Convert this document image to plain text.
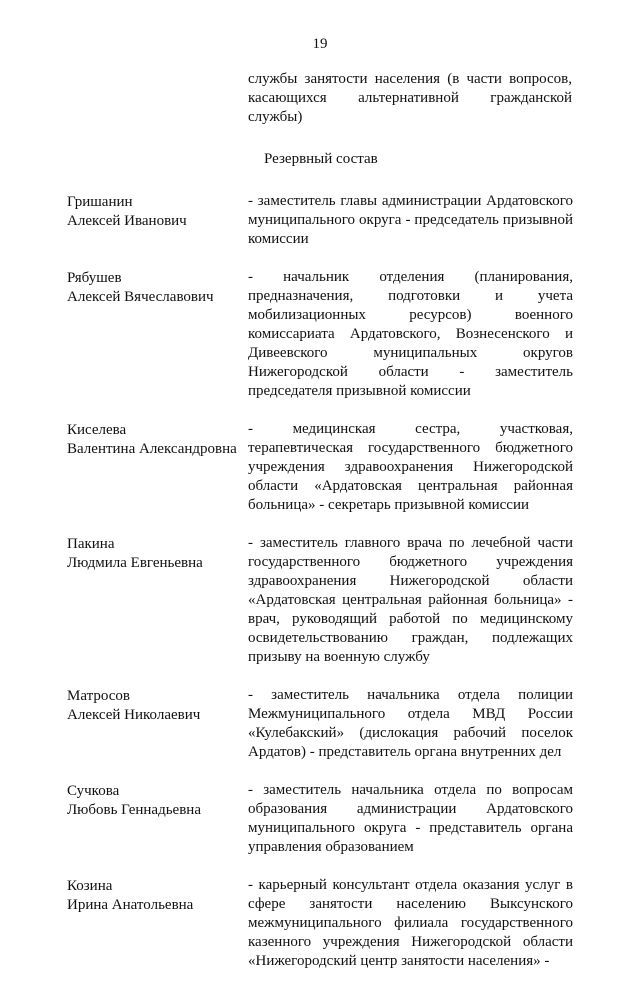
19
службы занятости населения (в части вопросов, касающихся альтернативной гражданской службы)
Резервный состав
Гришанин
Алексей Иванович
- заместитель главы администрации Ардатовского муниципального округа - председатель призывной комиссии
Рябушев
Алексей Вячеславович
- начальник отделения (планирования, предназначения, подготовки и учета мобилизационных ресурсов) военного комиссариата Ардатовского, Вознесенского и Дивеевского муниципальных округов Нижегородской области - заместитель председателя призывной комиссии
Киселева
Валентина Александровна
- медицинская сестра, участковая, терапевтическая государственного бюджетного учреждения здравоохранения Нижегородской области «Ардатовская центральная районная больница» - секретарь призывной комиссии
Пакина
Людмила Евгеньевна
- заместитель главного врача по лечебной части государственного бюджетного учреждения здравоохранения Нижегородской области «Ардатовская центральная районная больница» - врач, руководящий работой по медицинскому освидетельствованию граждан, подлежащих призыву на военную службу
Матросов
Алексей Николаевич
- заместитель начальника отдела полиции Межмуниципального отдела МВД России «Кулебакский» (дислокация рабочий поселок Ардатов) - представитель органа внутренних дел
Сучкова
Любовь Геннадьевна
- заместитель начальника отдела по вопросам образования администрации Ардатовского муниципального округа - представитель органа управления образованием
Козина
Ирина Анатольевна
- карьерный консультант отдела оказания услуг в сфере занятости населению Выксунского межмуниципального филиала государственного казенного учреждения Нижегородской области «Нижегородский центр занятости населения» -
